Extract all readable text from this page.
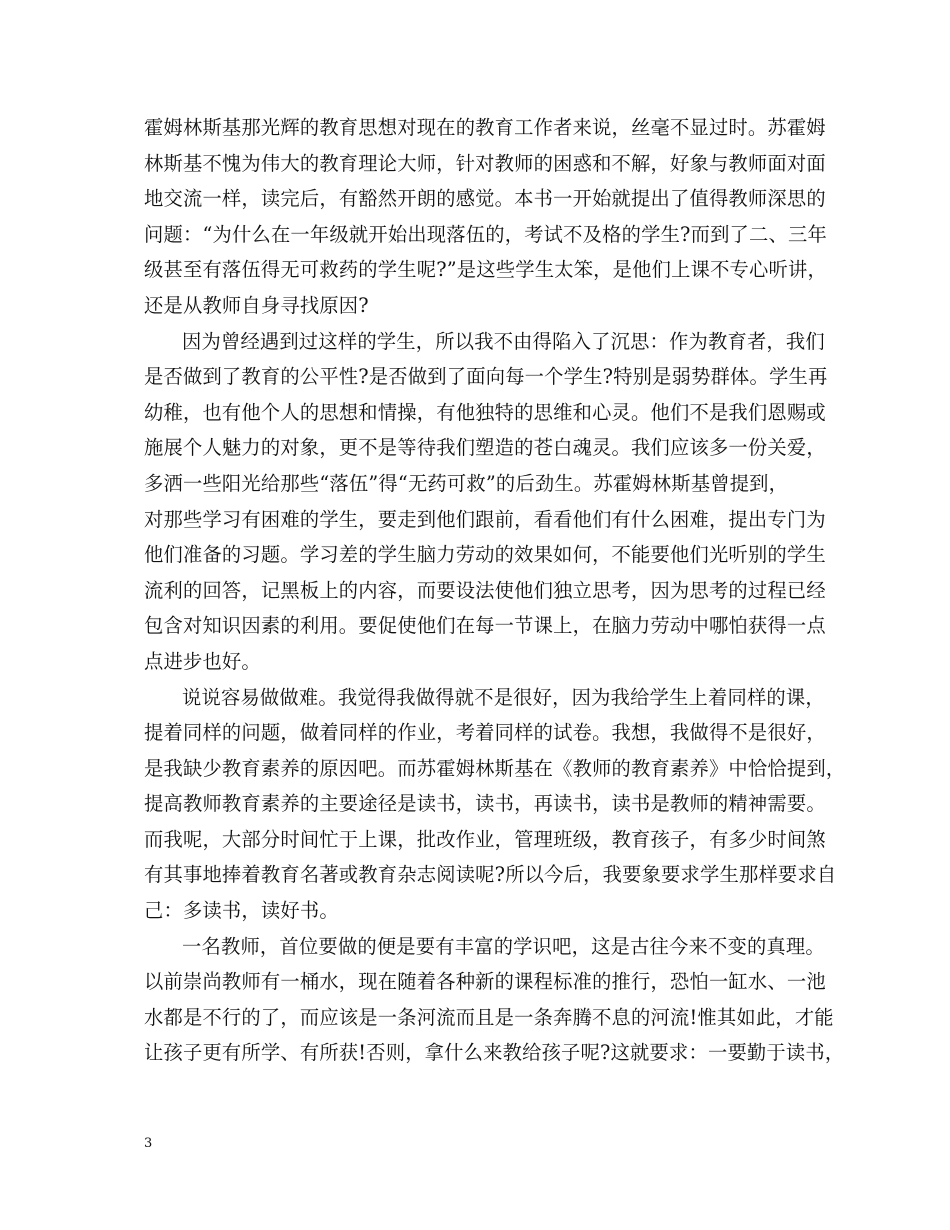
霍姆林斯基那光辉的教育思想对现在的教育工作者来说，丝毫不显过时。苏霍姆
林斯基不愧为伟大的教育理论大师，针对教师的困惑和不解，好象与教师面对面
地交流一样，读完后，有豁然开朗的感觉。本书一开始就提出了值得教师深思的
问题：“为什么在一年级就开始出现落伍的，考试不及格的学生?而到了二、三年
级甚至有落伍得无可救药的学生呢?”是这些学生太笨，是他们上课不专心听讲，
还是从教师自身寻找原因?
因为曾经遇到过这样的学生，所以我不由得陷入了沉思：作为教育者，我们
是否做到了教育的公平性?是否做到了面向每一个学生?特别是弱势群体。学生再
幼稚，也有他个人的思想和情操，有他独特的思维和心灵。他们不是我们恩赐或
施展个人魅力的对象，更不是等待我们塑造的苍白魂灵。我们应该多一份关爱，
多洒一些阳光给那些“落伍”得“无药可救”的后劲生。苏霍姆林斯基曾提到，
对那些学习有困难的学生，要走到他们跟前，看看他们有什么困难，提出专门为
他们准备的习题。学习差的学生脑力劳动的效果如何，不能要他们光听别的学生
流利的回答，记黑板上的内容，而要设法使他们独立思考，因为思考的过程已经
包含对知识因素的利用。要促使他们在每一节课上，在脑力劳动中哪怕获得一点
点进步也好。
说说容易做做难。我觉得我做得就不是很好，因为我给学生上着同样的课，
提着同样的问题，做着同样的作业，考着同样的试卷。我想，我做得不是很好，
是我缺少教育素养的原因吧。而苏霍姆林斯基在《教师的教育素养》中恰恰提到，
提高教师教育素养的主要途径是读书，读书，再读书，读书是教师的精神需要。
而我呢，大部分时间忙于上课，批改作业，管理班级，教育孩子，有多少时间煞
有其事地捧着教育名著或教育杂志阅读呢?所以今后，我要象要求学生那样要求自
己：多读书，读好书。
一名教师，首位要做的便是要有丰富的学识吧，这是古往今来不变的真理。
以前崇尚教师有一桶水，现在随着各种新的课程标准的推行，恐怕一缸水、一池
水都是不行的了，而应该是一条河流而且是一条奔腾不息的河流!惟其如此，才能
让孩子更有所学、有所获!否则，拿什么来教给孩子呢?这就要求：一要勤于读书，
3
